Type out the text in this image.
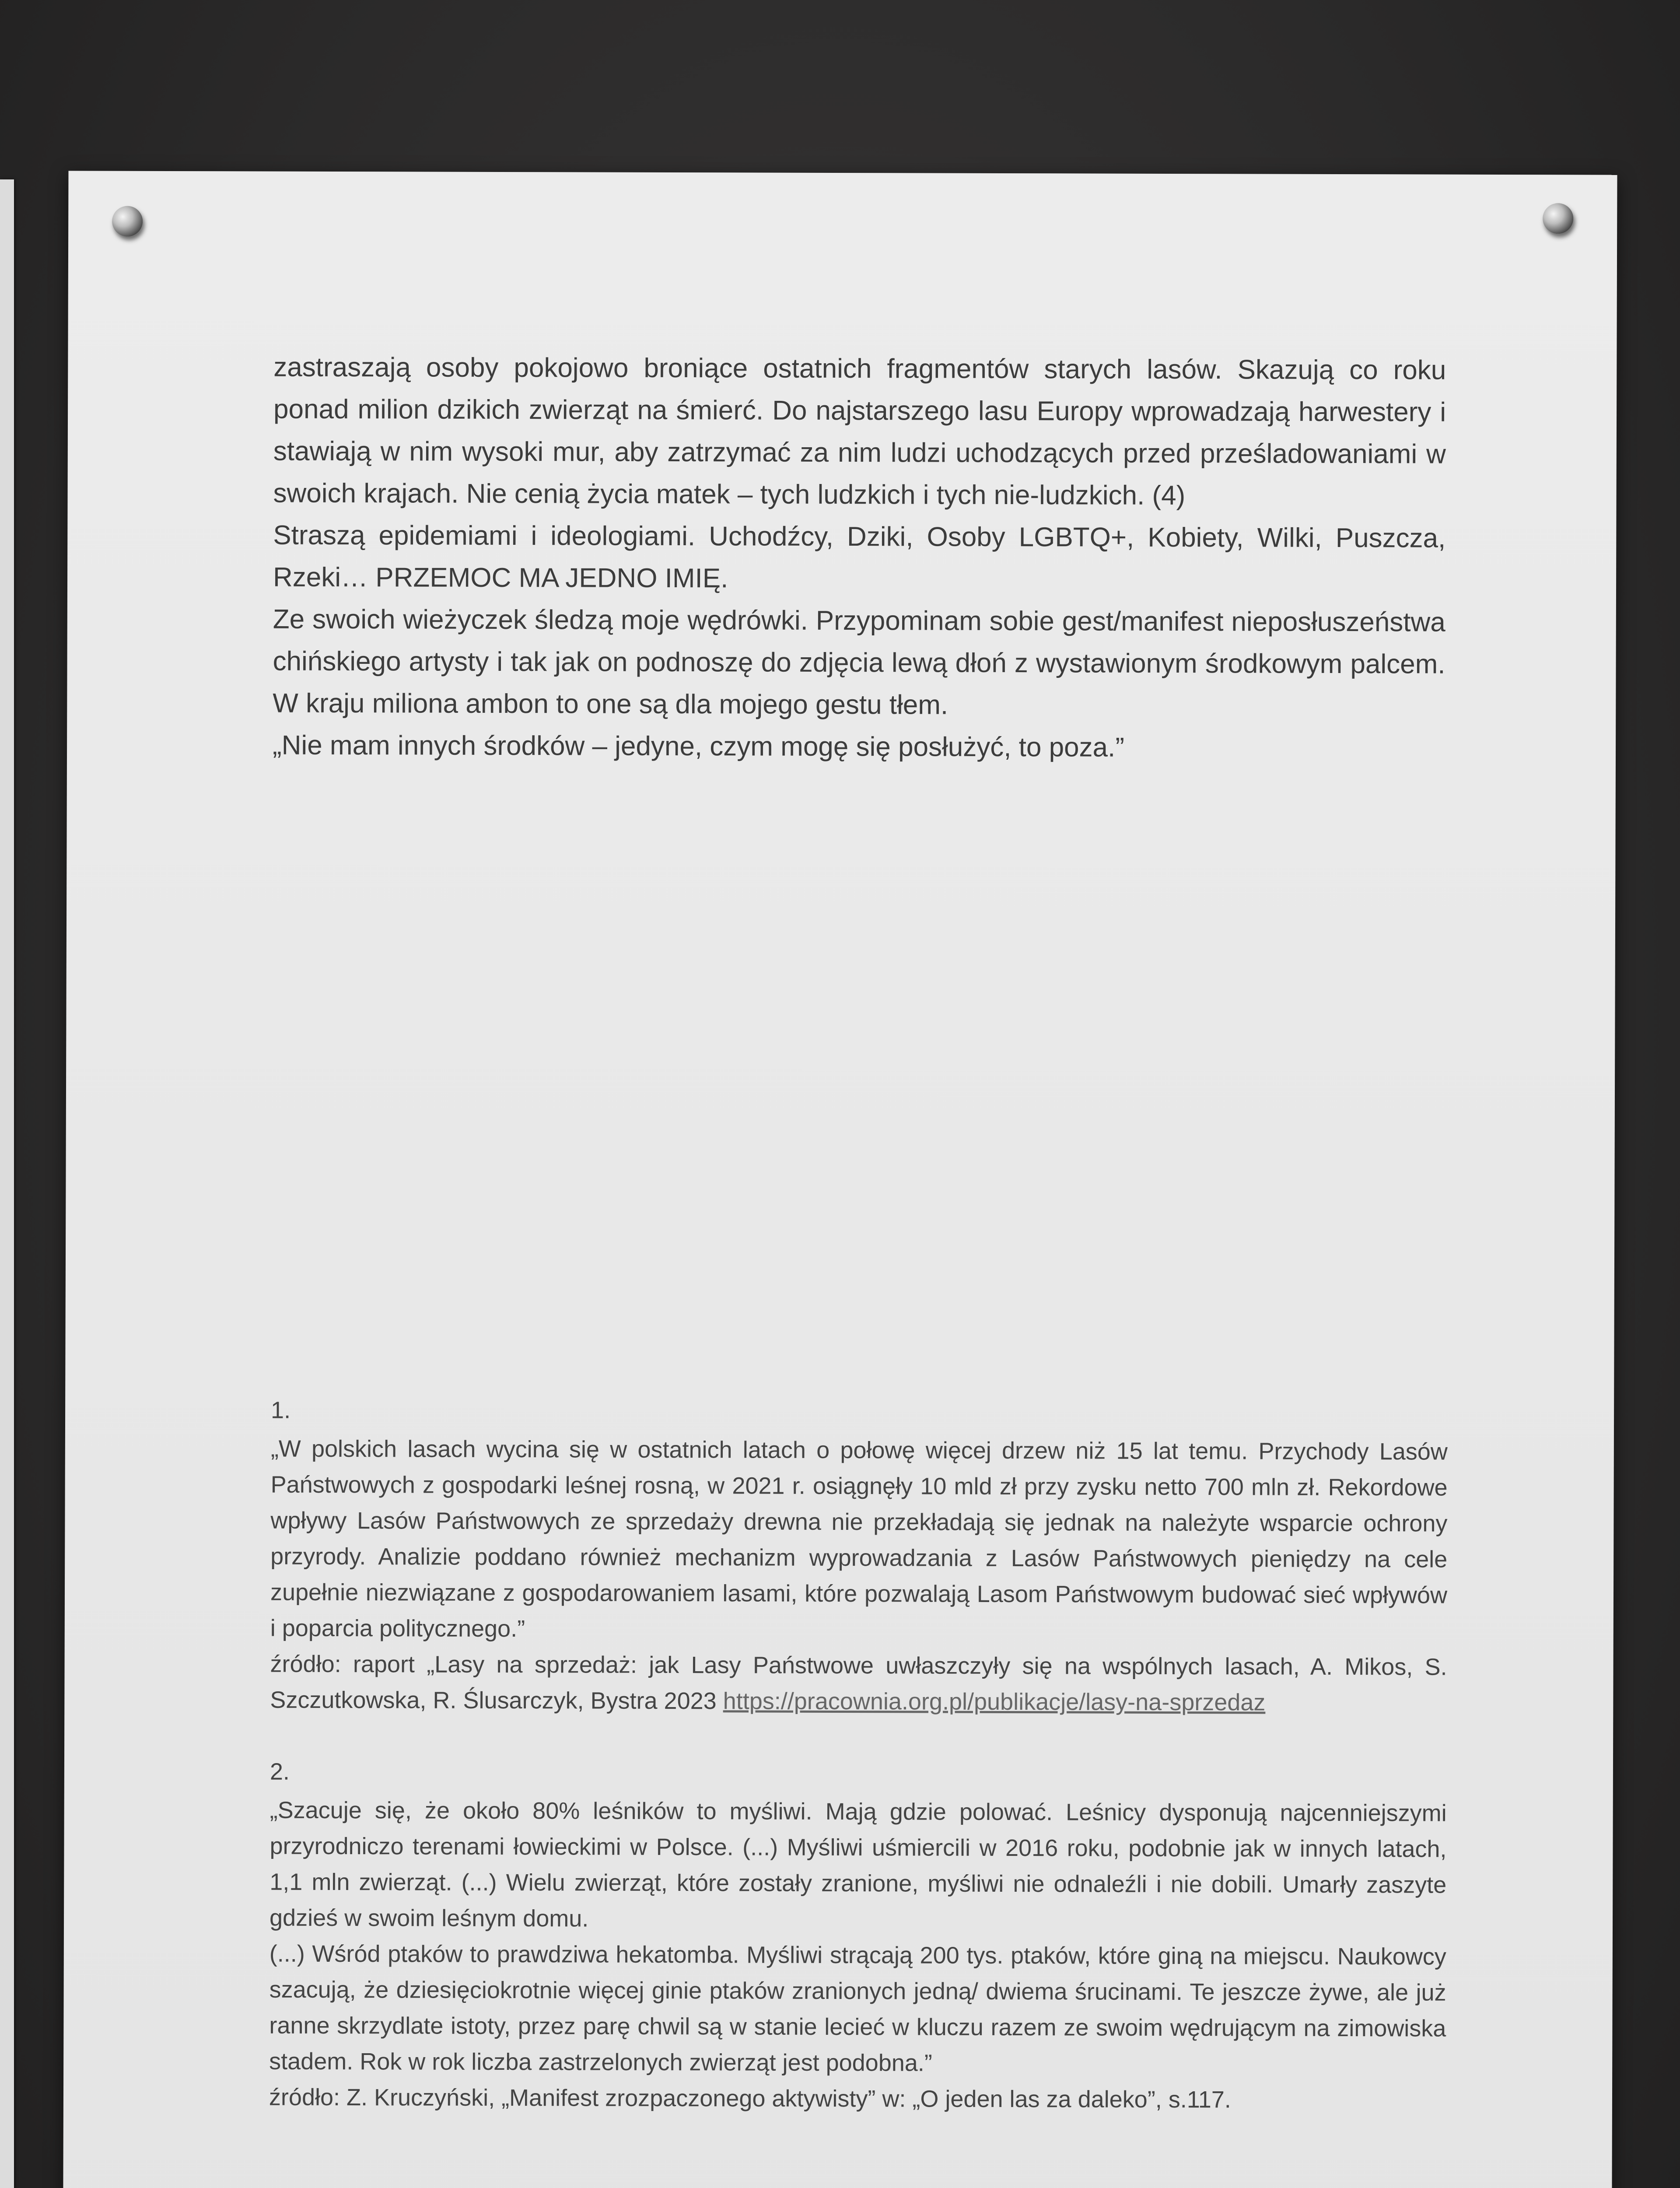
zastraszają osoby pokojowo broniące ostatnich fragmentów starych lasów. Skazują co roku ponad milion dzikich zwierząt na śmierć. Do najstarszego lasu Europy wprowadzają harwestery i stawiają w nim wysoki mur, aby zatrzymać za nim ludzi uchodzących przed prześladowaniami w swoich krajach. Nie cenią życia matek – tych ludzkich i tych nie-ludzkich. (4)

Straszą epidemiami i ideologiami. Uchodźcy, Dziki, Osoby LGBTQ+, Kobiety, Wilki, Puszcza, Rzeki… PRZEMOC MA JEDNO IMIĘ.

Ze swoich wieżyczek śledzą moje wędrówki. Przypominam sobie gest/manifest nieposłuszeństwa chińskiego artysty i tak jak on podnoszę do zdjęcia lewą dłoń z wystawionym środkowym palcem. W kraju miliona ambon to one są dla mojego gestu tłem.

„Nie mam innych środków – jedyne, czym mogę się posłużyć, to poza.”

1.

„W polskich lasach wycina się w ostatnich latach o połowę więcej drzew niż 15 lat temu. Przychody Lasów Państwowych z gospodarki leśnej rosną, w 2021 r. osiągnęły 10 mld zł przy zysku netto 700 mln zł. Rekordowe wpływy Lasów Państwowych ze sprzedaży drewna nie przekładają się jednak na należyte wsparcie ochrony przyrody. Analizie poddano również mechanizm wyprowadzania z Lasów Państwowych pieniędzy na cele zupełnie niezwiązane z gospodarowaniem lasami, które pozwalają Lasom Państwowym budować sieć wpływów i poparcia politycznego.”

źródło: raport „Lasy na sprzedaż: jak Lasy Państwowe uwłaszczyły się na wspólnych lasach, A. Mikos, S. Szczutkowska, R. Ślusarczyk, Bystra 2023 https://pracownia.org.pl/publikacje/lasy-na-sprzedaz

2.

„Szacuje się, że około 80% leśników to myśliwi. Mają gdzie polować. Leśnicy dysponują najcenniejszymi przyrodniczo terenami łowieckimi w Polsce. (...) Myśliwi uśmiercili w 2016 roku, podobnie jak w innych latach, 1,1 mln zwierząt. (...) Wielu zwierząt, które zostały zranione, myśliwi nie odnaleźli i nie dobili. Umarły zaszyte gdzieś w swoim leśnym domu.

(...) Wśród ptaków to prawdziwa hekatomba. Myśliwi strącają 200 tys. ptaków, które giną na miejscu. Naukowcy szacują, że dziesięciokrotnie więcej ginie ptaków zranionych jedną/ dwiema śrucinami. Te jeszcze żywe, ale już ranne skrzydlate istoty, przez parę chwil są w stanie lecieć w kluczu razem ze swoim wędrującym na zimowiska stadem. Rok w rok liczba zastrzelonych zwierząt jest podobna.”

źródło: Z. Kruczyński, „Manifest zrozpaczonego aktywisty” w: „O jeden las za daleko”, s.117.
